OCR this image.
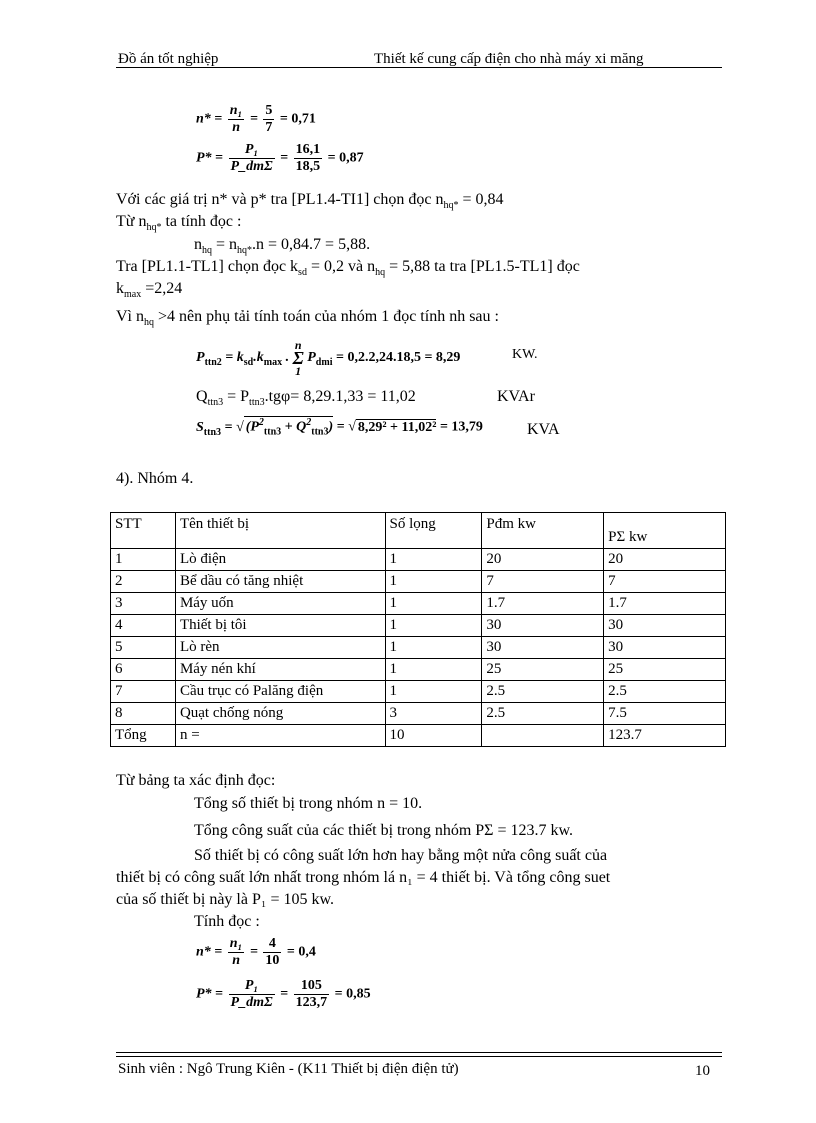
Đồ án tốt nghiệp	Thiết kế cung cấp điện cho nhà máy xi măng
$n* = \frac{\text{n₁}}{n} = \frac{5}{7} = 0,71$
$P* = \frac{\text{P₁}}{\text{P\_dmΣ}} = \frac{16,1}{18,5} = 0,87$
Với các giá trị n* và p* tra [PL1.4-TI1] chọn đọc $n_{hq*} = 0,84$
Từ $n_{hq*}$ ta tính đọc :
$n_{hq} = n_{hq*}.n = 0,84.7 = 5,88$.
Tra [PL1.1-TL1] chọn đọc $k_{sd} = 0,2$ và $n_{hq} = 5,88$ ta tra [PL1.5-TL1] đọc
$k_{max} =2,24$
Vì $n_{hq} >4$ nên phụ tải tính toán của nhóm 1 đọc tính nh sau :
$P_{ttn2} = k_{sd}.k_{max}$ . n
Σ
1 $P_{dmi} = 0,2.2,24.18,5 = 8,29$	KW.
$Q_{ttn3} = P_{ttn3}.tg\varphi= 8,29.1,33 = 11,02$	KVAr
$S_{ttn3}$ = √ $(P^2_{ttn3} + Q^2_{ttn3})$ = √ 8,29² + 11,02² = 13,79	KVA
4). Nhóm 4.
STT	Tên thiết bị	Số lọng	Pđm kw	PΣ kw
1	Lò điện	1	20	20
2	Bể dầu có tăng nhiệt	1	7	7
3	Máy uốn	1	1.7	1.7
4	Thiết bị tôi	1	30	30
5	Lò rèn	1	30	30
6	Máy nén khí	1	25	25
7	Cầu trục có Palăng điện	1	2.5	2.5
8	Quạt chống nóng	3	2.5	7.5
Tổng	n =	10		123.7
Từ bảng ta xác định đọc:
Tổng số thiết bị trong nhóm n = 10.
Tổng công suất của các thiết bị trong nhóm PΣ = 123.7 kw.
Số thiết bị có công suất lớn hơn hay bằng một nửa công suất của
thiết bị có công suất lớn nhất trong nhóm lá n₁ = 4 thiết bị. Và tổng công suet
của số thiết bị này là P₁ = 105 kw.
Tính đọc :
$n* = \frac{\text{n₁}}{n} = \frac{4}{10} = 0,4$
$P* = \frac{\text{P₁}}{\text{P\_dmΣ}} = \frac{105}{123,7} = 0,85$
Sinh viên : Ngô Trung Kiên - (K11 Thiết bị điện điện tử)	10
